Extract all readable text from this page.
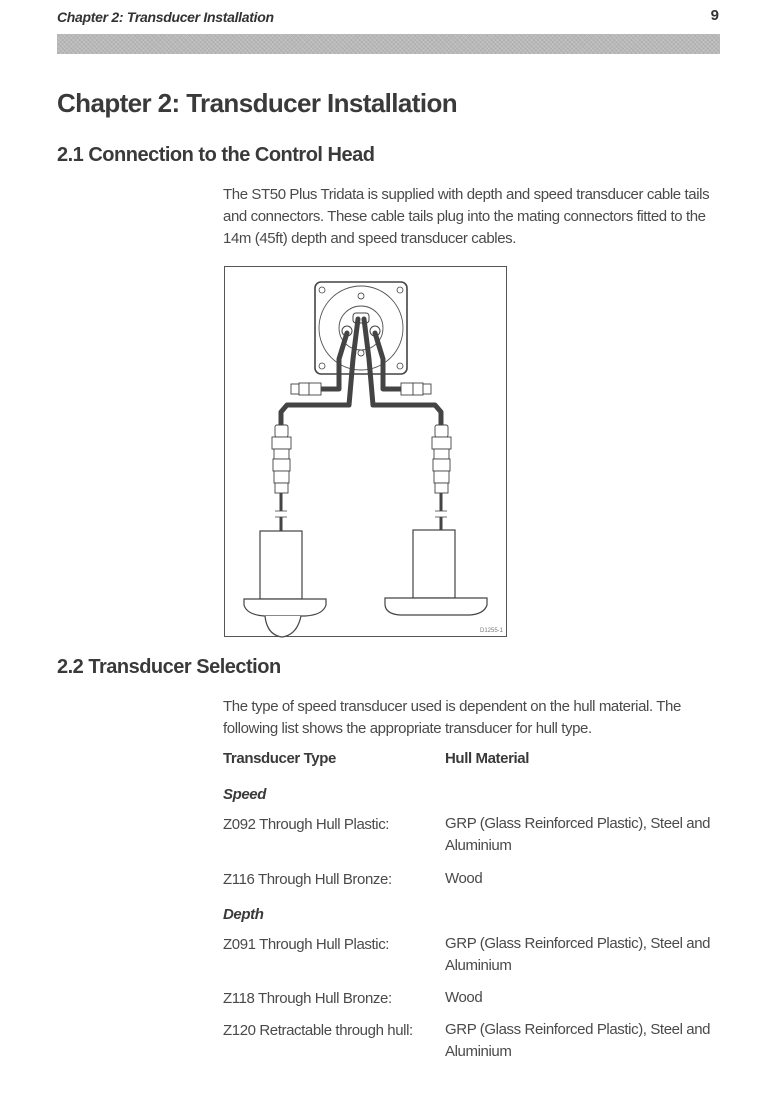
Chapter 2: Transducer Installation	9
Chapter 2: Transducer Installation
2.1 Connection to the Control Head

The ST50 Plus Tridata is supplied with depth and speed transducer cable tails and connectors. These cable tails plug into the mating connectors fitted to the 14m (45ft) depth and speed transducer cables.

D1255-1
2.2 Transducer Selection

The type of speed transducer used is dependent on the hull material. The following list shows the appropriate transducer for hull type.

Transducer Type	Hull Material
Speed
Z092 Through Hull Plastic:	GRP (Glass Reinforced Plastic), Steel and Aluminium
Z116 Through Hull Bronze:	Wood
Depth
Z091 Through Hull Plastic:	GRP (Glass Reinforced Plastic), Steel and Aluminium
Z118 Through Hull Bronze:	Wood
Z120 Retractable through hull:	GRP (Glass Reinforced Plastic), Steel and Aluminium
